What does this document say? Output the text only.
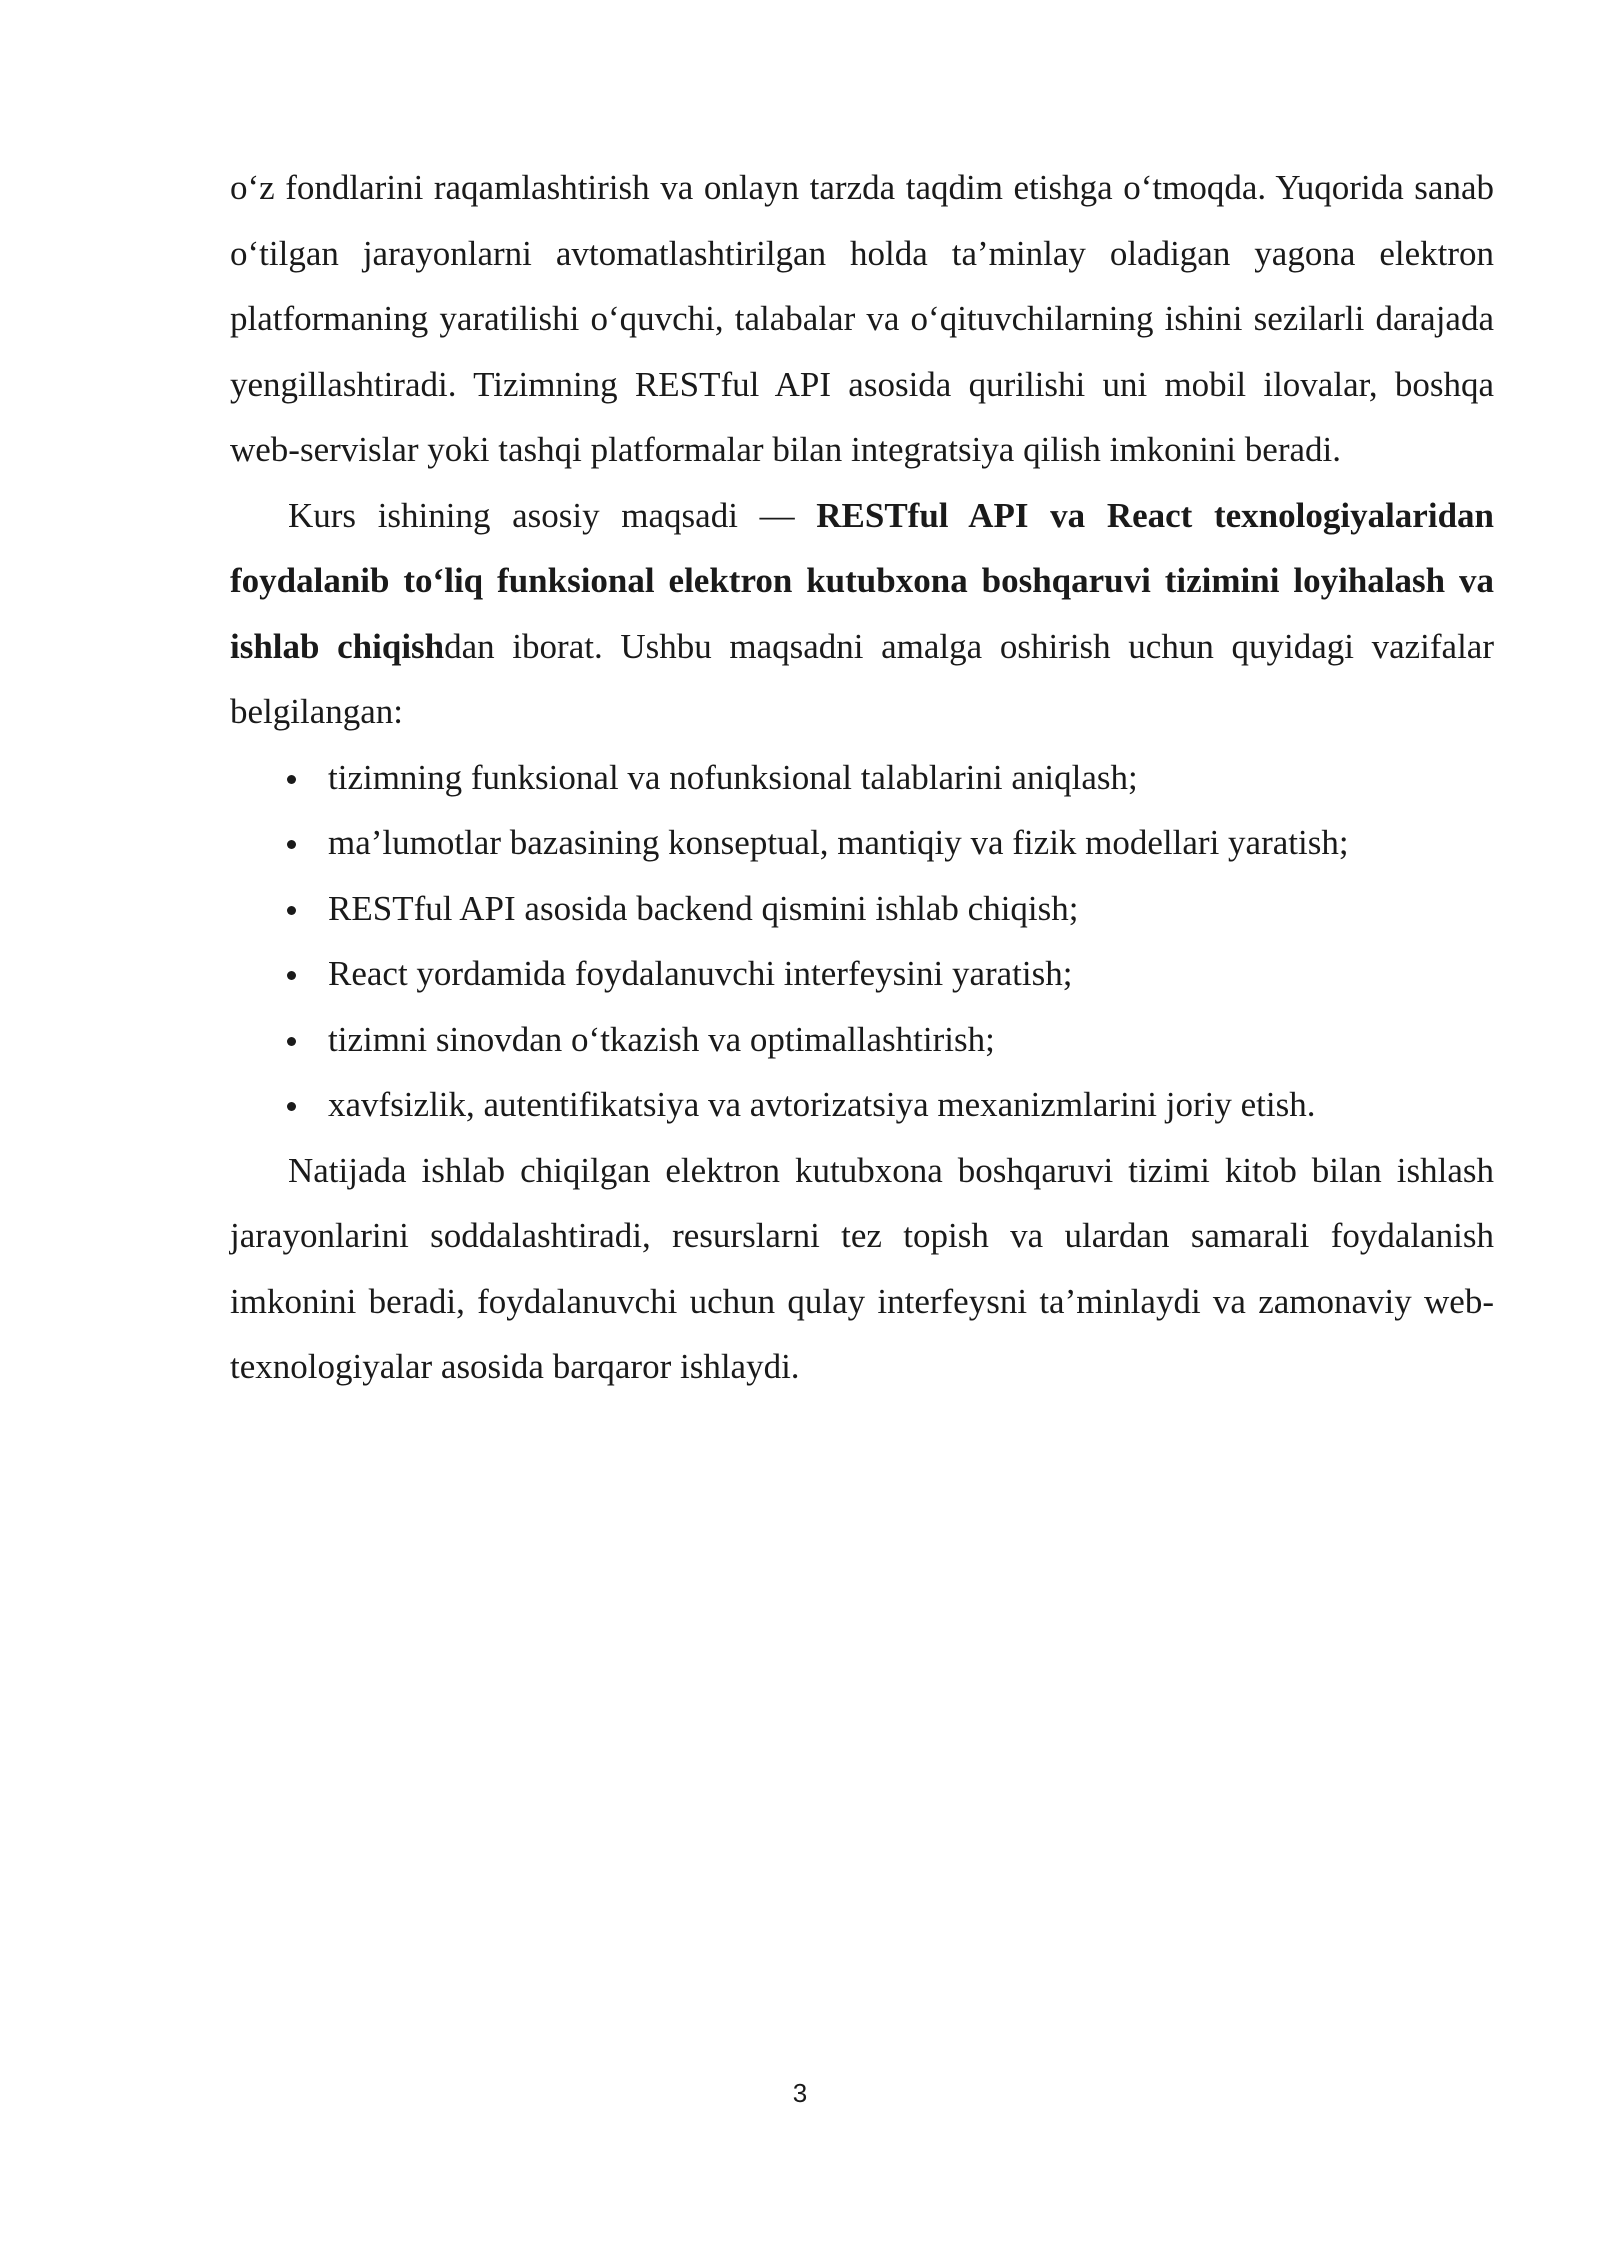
o‘z fondlarini raqamlashtirish va onlayn tarzda taqdim etishga o‘tmoqda. Yuqorida sanab o‘tilgan jarayonlarni avtomatlashtirilgan holda ta’minlay oladigan yagona elektron platformaning yaratilishi o‘quvchi, talabalar va o‘qituvchilarning ishini sezilarli darajada yengillashtiradi. Tizimning RESTful API asosida qurilishi uni mobil ilovalar, boshqa web-servislar yoki tashqi platformalar bilan integratsiya qilish imkonini beradi.

Kurs ishining asosiy maqsadi — RESTful API va React texnologiyalaridan foydalanib to‘liq funksional elektron kutubxona boshqaruvi tizimini loyihalash va ishlab chiqishdan iborat. Ushbu maqsadni amalga oshirish uchun quyidagi vazifalar belgilangan:

tizimning funksional va nofunksional talablarini aniqlash;
ma’lumotlar bazasining konseptual, mantiqiy va fizik modellari yaratish;
RESTful API asosida backend qismini ishlab chiqish;
React yordamida foydalanuvchi interfeysini yaratish;
tizimni sinovdan o‘tkazish va optimallashtirish;
xavfsizlik, autentifikatsiya va avtorizatsiya mexanizmlarini joriy etish.

Natijada ishlab chiqilgan elektron kutubxona boshqaruvi tizimi kitob bilan ishlash jarayonlarini soddalashtiradi, resurslarni tez topish va ulardan samarali foydalanish imkonini beradi, foydalanuvchi uchun qulay interfeysni ta’minlaydi va zamonaviy web-texnologiyalar asosida barqaror ishlaydi.

3
